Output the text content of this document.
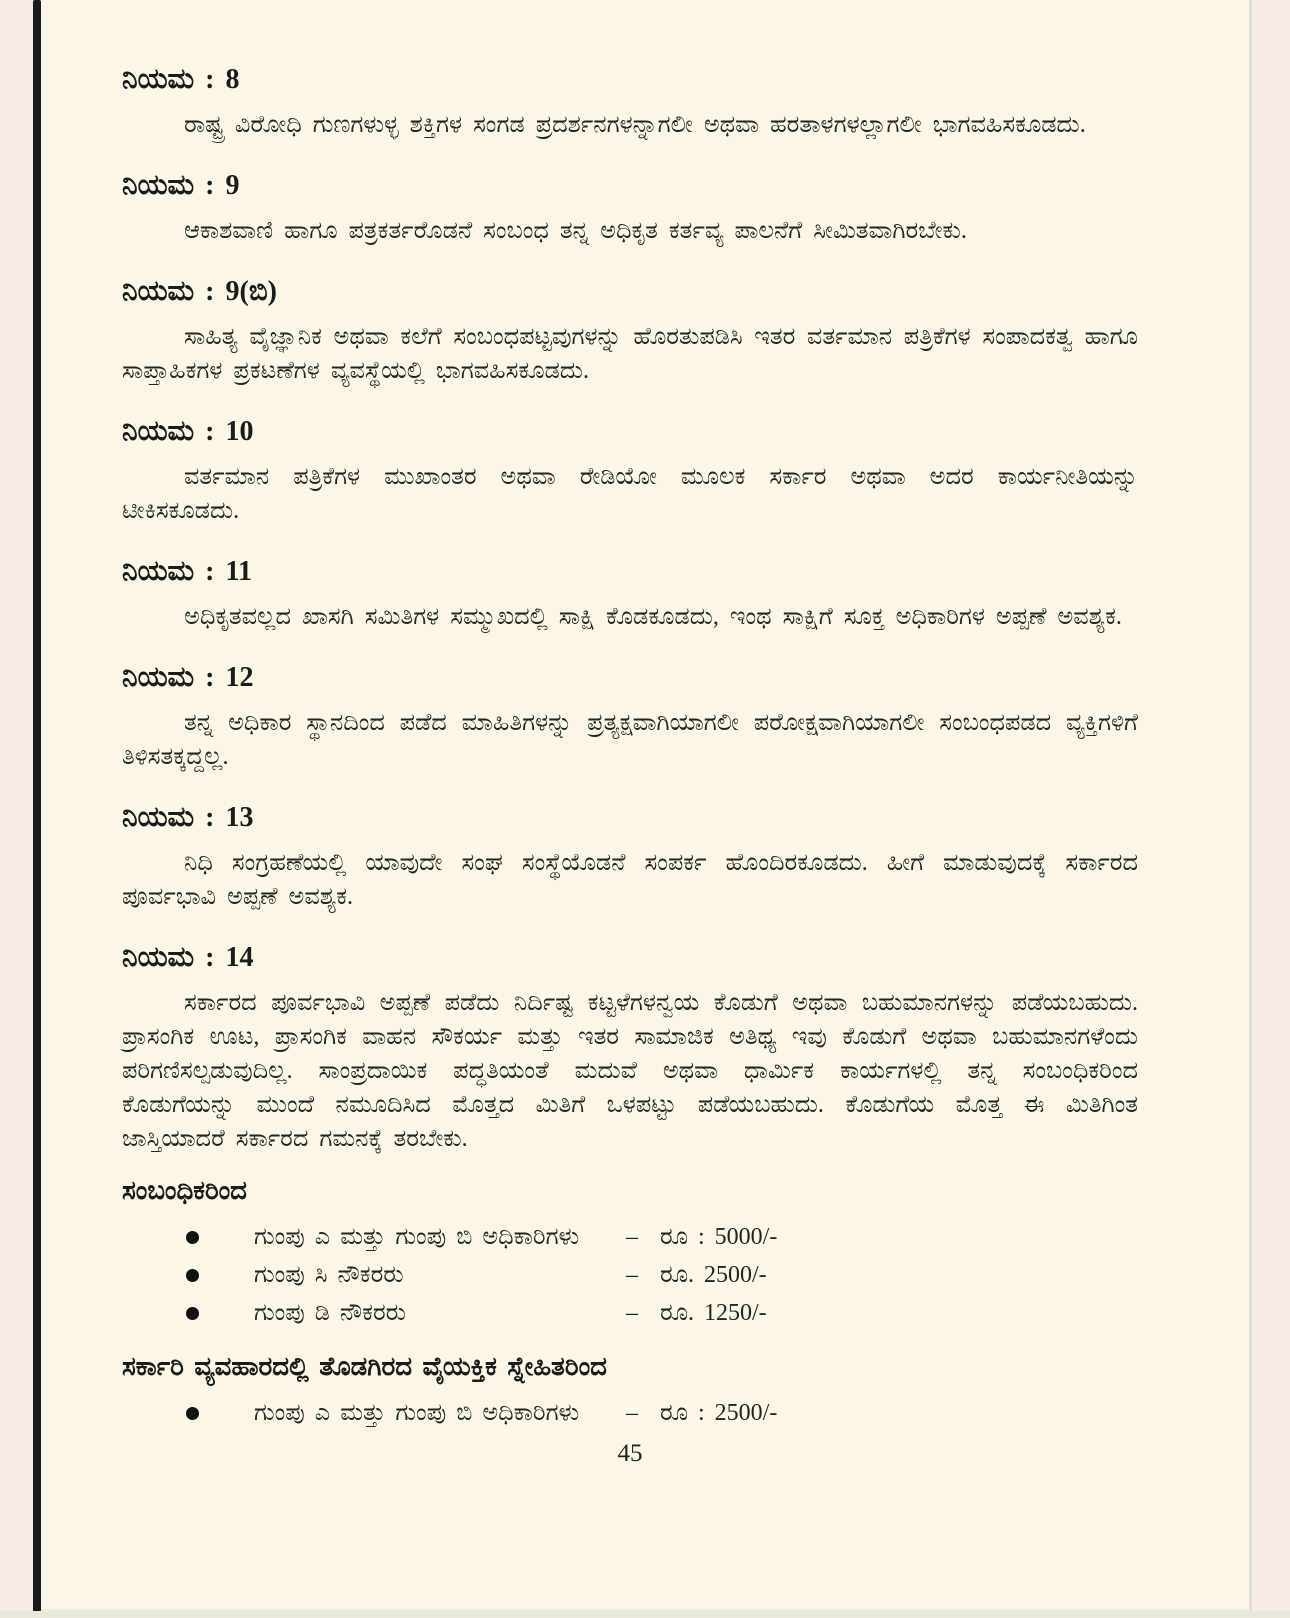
ನಿಯಮ : 8

ರಾಷ್ಟ್ರ ವಿರೋಧಿ ಗುಣಗಳುಳ್ಳ ಶಕ್ತಿಗಳ ಸಂಗಡ ಪ್ರದರ್ಶನಗಳನ್ನಾಗಲೀ ಅಥವಾ ಹರತಾಳಗಳಲ್ಲಾಗಲೀ ಭಾಗವಹಿಸಕೂಡದು.

ನಿಯಮ : 9

ಆಕಾಶವಾಣಿ ಹಾಗೂ ಪತ್ರಕರ್ತರೊಡನೆ ಸಂಬಂಧ ತನ್ನ ಅಧಿಕೃತ ಕರ್ತವ್ಯ ಪಾಲನೆಗೆ ಸೀಮಿತವಾಗಿರಬೇಕು.

ನಿಯಮ : 9(ಬಿ)

ಸಾಹಿತ್ಯ ವೈಜ್ಞಾನಿಕ ಅಥವಾ ಕಲೆಗೆ ಸಂಬಂಧಪಟ್ಟವುಗಳನ್ನು ಹೊರತುಪಡಿಸಿ ಇತರ ವರ್ತಮಾನ ಪತ್ರಿಕೆಗಳ ಸಂಪಾದಕತ್ವ ಹಾಗೂ ಸಾಪ್ತಾಹಿಕಗಳ ಪ್ರಕಟಣೆಗಳ ವ್ಯವಸ್ಥೆಯಲ್ಲಿ ಭಾಗವಹಿಸಕೂಡದು.

ನಿಯಮ : 10

ವರ್ತಮಾನ ಪತ್ರಿಕೆಗಳ ಮುಖಾಂತರ ಅಥವಾ ರೇಡಿಯೋ ಮೂಲಕ ಸರ್ಕಾರ ಅಥವಾ ಅದರ ಕಾರ್ಯನೀತಿಯನ್ನು ಟೀಕಿಸಕೂಡದು.

ನಿಯಮ : 11

ಅಧಿಕೃತವಲ್ಲದ ಖಾಸಗಿ ಸಮಿತಿಗಳ ಸಮ್ಮುಖದಲ್ಲಿ ಸಾಕ್ಷಿ ಕೊಡಕೂಡದು, ಇಂಥ ಸಾಕ್ಷಿಗೆ ಸೂಕ್ತ ಅಧಿಕಾರಿಗಳ ಅಪ್ಪಣೆ ಅವಶ್ಯಕ.

ನಿಯಮ : 12

ತನ್ನ ಅಧಿಕಾರ ಸ್ಥಾನದಿಂದ ಪಡೆದ ಮಾಹಿತಿಗಳನ್ನು ಪ್ರತ್ಯಕ್ಷವಾಗಿಯಾಗಲೀ ಪರೋಕ್ಷವಾಗಿಯಾಗಲೀ ಸಂಬಂಧಪಡದ ವ್ಯಕ್ತಿಗಳಿಗೆ ತಿಳಿಸತಕ್ಕದ್ದಲ್ಲ.

ನಿಯಮ : 13

ನಿಧಿ ಸಂಗ್ರಹಣೆಯಲ್ಲಿ ಯಾವುದೇ ಸಂಘ ಸಂಸ್ಥೆಯೊಡನೆ ಸಂಪರ್ಕ ಹೊಂದಿರಕೂಡದು. ಹೀಗೆ ಮಾಡುವುದಕ್ಕೆ ಸರ್ಕಾರದ ಪೂರ್ವಭಾವಿ ಅಪ್ಪಣೆ ಅವಶ್ಯಕ.

ನಿಯಮ : 14

ಸರ್ಕಾರದ ಪೂರ್ವಭಾವಿ ಅಪ್ಪಣೆ ಪಡೆದು ನಿರ್ದಿಷ್ಟ ಕಟ್ಟಳೆಗಳನ್ವಯ ಕೊಡುಗೆ ಅಥವಾ ಬಹುಮಾನಗಳನ್ನು ಪಡೆಯಬಹುದು. ಪ್ರಾಸಂಗಿಕ ಊಟ, ಪ್ರಾಸಂಗಿಕ ವಾಹನ ಸೌಕರ್ಯ ಮತ್ತು ಇತರ ಸಾಮಾಜಿಕ ಅತಿಥ್ಯ ಇವು ಕೊಡುಗೆ ಅಥವಾ ಬಹುಮಾನಗಳೆಂದು ಪರಿಗಣಿಸಲ್ಪಡುವುದಿಲ್ಲ. ಸಾಂಪ್ರದಾಯಿಕ ಪದ್ಧತಿಯಂತೆ ಮದುವೆ ಅಥವಾ ಧಾರ್ಮಿಕ ಕಾರ್ಯಗಳಲ್ಲಿ ತನ್ನ ಸಂಬಂಧಿಕರಿಂದ ಕೊಡುಗೆಯನ್ನು ಮುಂದೆ ನಮೂದಿಸಿದ ಮೊತ್ತದ ಮಿತಿಗೆ ಒಳಪಟ್ಟು ಪಡೆಯಬಹುದು. ಕೊಡುಗೆಯ ಮೊತ್ತ ಈ ಮಿತಿಗಿಂತ ಜಾಸ್ತಿಯಾದರೆ ಸರ್ಕಾರದ ಗಮನಕ್ಕೆ ತರಬೇಕು.

ಸಂಬಂಧಿಕರಿಂದ
ಗುಂಪು ಎ ಮತ್ತು ಗುಂಪು ಬಿ ಅಧಿಕಾರಿಗಳು	– ರೂ : 5000/-
ಗುಂಪು ಸಿ ನೌಕರರು	– ರೂ. 2500/-
ಗುಂಪು ಡಿ ನೌಕರರು	– ರೂ. 1250/-
ಸರ್ಕಾರಿ ವ್ಯವಹಾರದಲ್ಲಿ ತೊಡಗಿರದ ವೈಯಕ್ತಿಕ ಸ್ನೇಹಿತರಿಂದ
ಗುಂಪು ಎ ಮತ್ತು ಗುಂಪು ಬಿ ಅಧಿಕಾರಿಗಳು	– ರೂ : 2500/-
45
